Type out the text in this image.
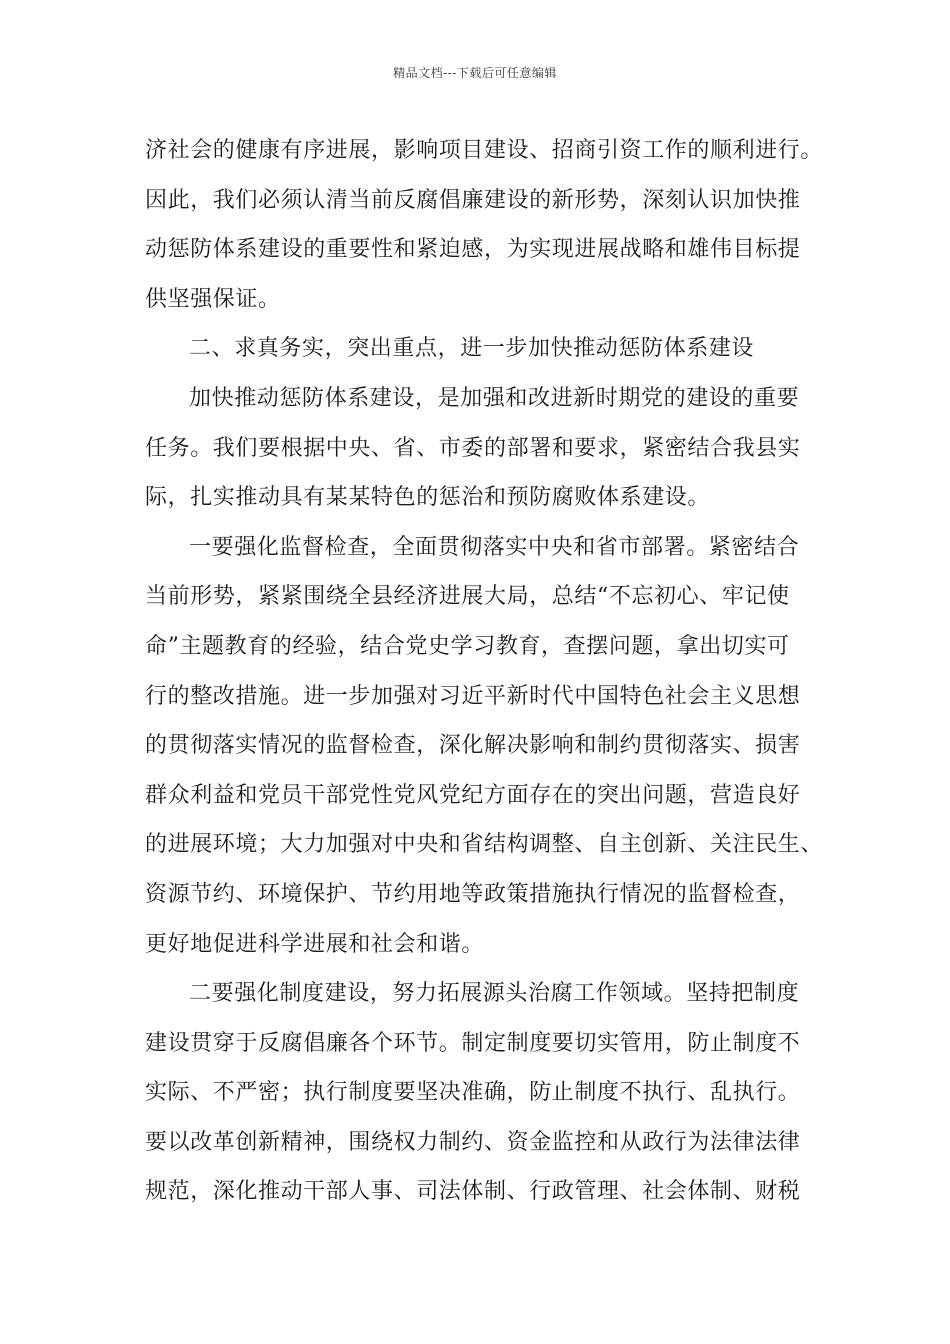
精品文档---下载后可任意编辑
济社会的健康有序进展，影响项目建设、招商引资工作的顺利进行。
因此，我们必须认清当前反腐倡廉建设的新形势，深刻认识加快推
动惩防体系建设的重要性和紧迫感，为实现进展战略和雄伟目标提
供坚强保证。
二、求真务实，突出重点，进一步加快推动惩防体系建设
加快推动惩防体系建设，是加强和改进新时期党的建设的重要
任务。我们要根据中央、省、市委的部署和要求，紧密结合我县实
际，扎实推动具有某某特色的惩治和预防腐败体系建设。
一要强化监督检查，全面贯彻落实中央和省市部署。紧密结合
当前形势，紧紧围绕全县经济进展大局，总结“不忘初心、牢记使
命”主题教育的经验，结合党史学习教育，查摆问题，拿出切实可
行的整改措施。进一步加强对习近平新时代中国特色社会主义思想
的贯彻落实情况的监督检查，深化解决影响和制约贯彻落实、损害
群众利益和党员干部党性党风党纪方面存在的突出问题，营造良好
的进展环境；大力加强对中央和省结构调整、自主创新、关注民生、
资源节约、环境保护、节约用地等政策措施执行情况的监督检查，
更好地促进科学进展和社会和谐。
二要强化制度建设，努力拓展源头治腐工作领域。坚持把制度
建设贯穿于反腐倡廉各个环节。制定制度要切实管用，防止制度不
实际、不严密；执行制度要坚决准确，防止制度不执行、乱执行。
要以改革创新精神，围绕权力制约、资金监控和从政行为法律法律
规范，深化推动干部人事、司法体制、行政管理、社会体制、财税
